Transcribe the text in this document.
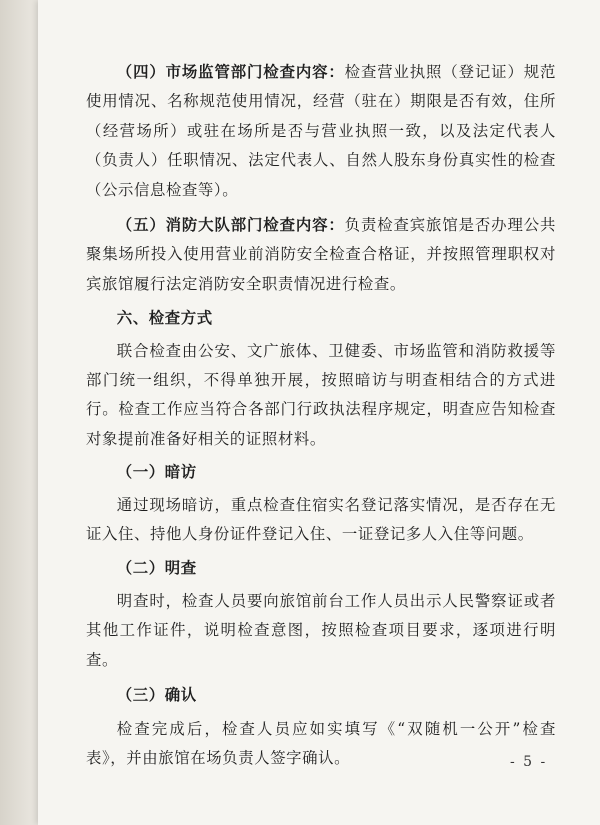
（四）市场监管部门检查内容：检查营业执照（登记证）规范使用情况、名称规范使用情况，经营（驻在）期限是否有效，住所（经营场所）或驻在场所是否与营业执照一致，以及法定代表人（负责人）任职情况、法定代表人、自然人股东身份真实性的检查（公示信息检查等）。

（五）消防大队部门检查内容：负责检查宾旅馆是否办理公共聚集场所投入使用营业前消防安全检查合格证，并按照管理职权对宾旅馆履行法定消防安全职责情况进行检查。

六、检查方式

联合检查由公安、文广旅体、卫健委、市场监管和消防救援等部门统一组织，不得单独开展，按照暗访与明查相结合的方式进行。检查工作应当符合各部门行政执法程序规定，明查应告知检查对象提前准备好相关的证照材料。

（一）暗访

通过现场暗访，重点检查住宿实名登记落实情况，是否存在无证入住、持他人身份证件登记入住、一证登记多人入住等问题。

（二）明查

明查时，检查人员要向旅馆前台工作人员出示人民警察证或者其他工作证件，说明检查意图，按照检查项目要求，逐项进行明查。

（三）确认

检查完成后，检查人员应如实填写《“双随机一公开”检查表》，并由旅馆在场负责人签字确认。	- 5 -
